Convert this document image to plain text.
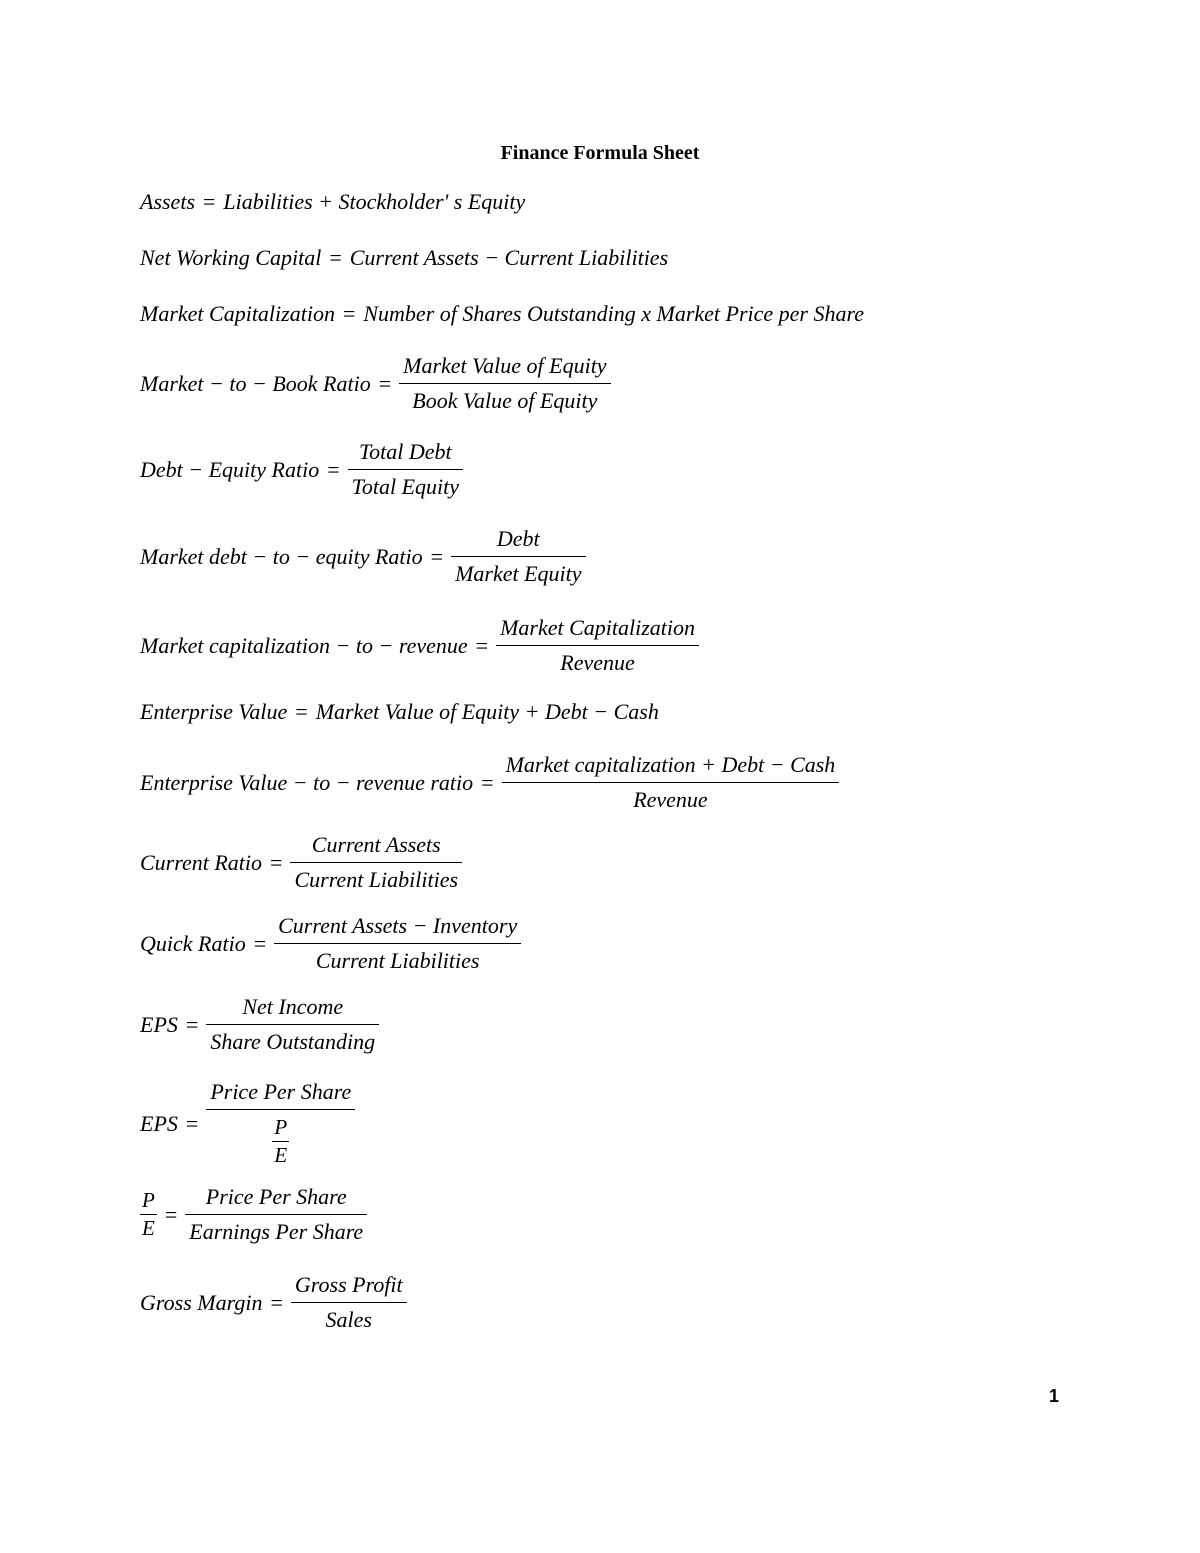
Finance Formula Sheet
Assets = Liabilities + Stockholder' s Equity
Net Working Capital = Current Assets − Current Liabilities
Market Capitalization = Number of Shares Outstanding x Market Price per Share
Market − to − Book Ratio = $\frac{\text{Market Value of Equity}}{\text{Book Value of Equity}}$
Debt − Equity Ratio = $\frac{\text{Total Debt}}{\text{Total Equity}}$
Market debt − to − equity Ratio = $\frac{\text{Debt}}{\text{Market Equity}}$
Market capitalization − to − revenue = $\frac{\text{Market Capitalization}}{\text{Revenue}}$
Enterprise Value = Market Value of Equity + Debt − Cash
Enterprise Value − to − revenue ratio = $\frac{\text{Market capitalization + Debt − Cash}}{\text{Revenue}}$
Current Ratio = $\frac{\text{Current Assets}}{\text{Current Liabilities}}$
Quick Ratio = $\frac{\text{Current Assets − Inventory}}{\text{Current Liabilities}}$
EPS = $\frac{\text{Net Income}}{\text{Share Outstanding}}$
EPS = $\frac{\text{Price Per Share}}{\frac{P}{E}}$
$\frac{P}{E} = \frac{\text{Price Per Share}}{\text{Earnings Per Share}}$
Gross Margin = $\frac{\text{Gross Profit}}{\text{Sales}}$
1
